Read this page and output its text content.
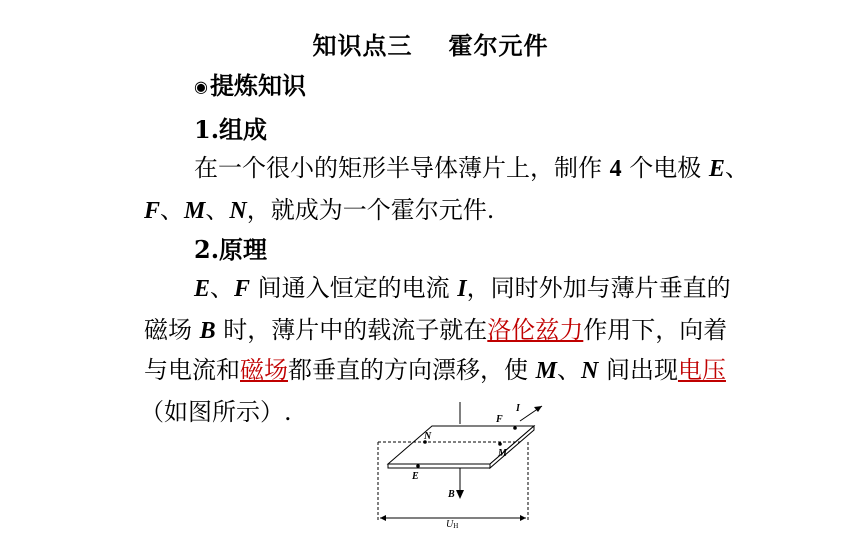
知识点三 霍尔元件
◉提炼知识
1.组成
在一个很小的矩形半导体薄片上，制作 4 个电极 E、
F、M、N，就成为一个霍尔元件.
2.原理
E、F 间通入恒定的电流 I，同时外加与薄片垂直的
磁场 B 时，薄片中的载流子就在洛伦兹力作用下，向着
与电流和磁场都垂直的方向漂移，使 M、N 间出现电压
（如图所示）.
N
F
I
M
E
B
UH
